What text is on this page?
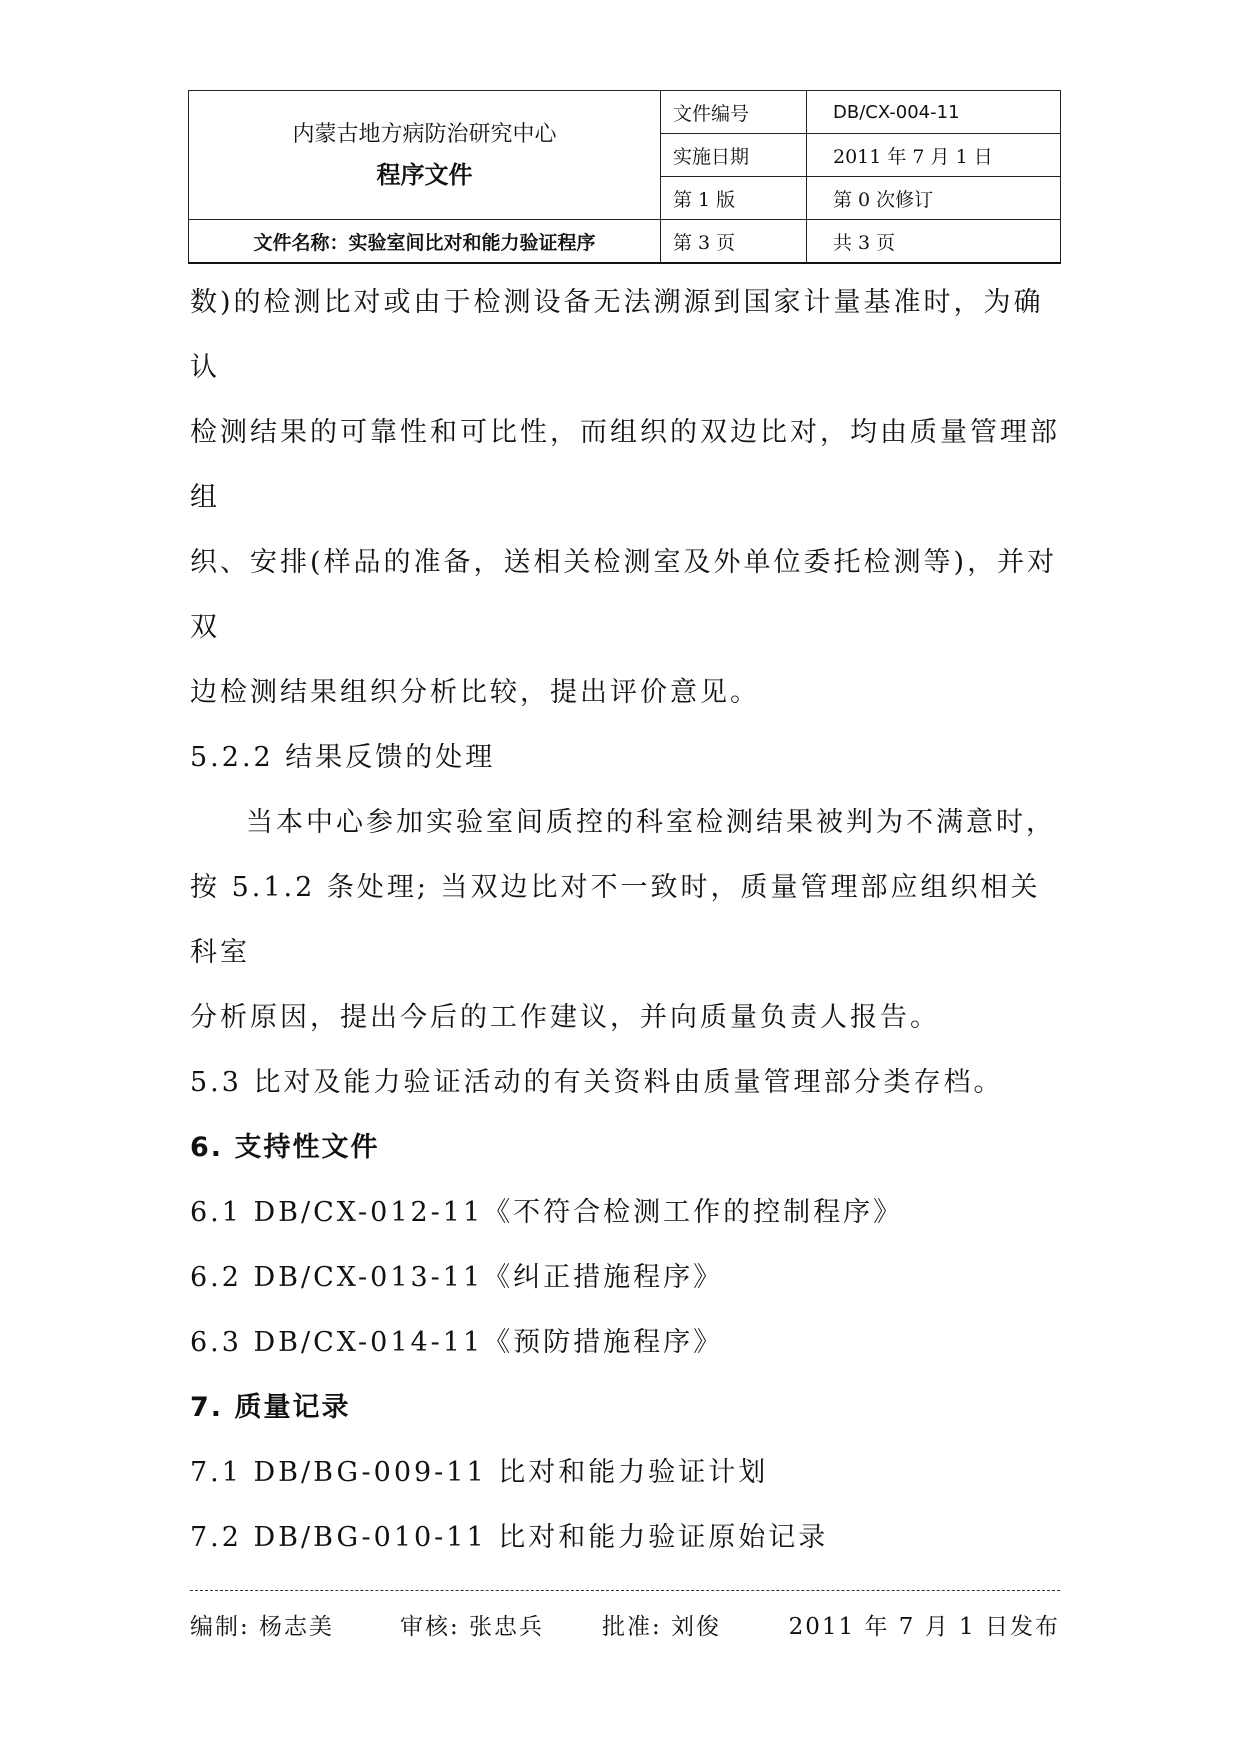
内蒙古地方病防治研究中心
程序文件	文件编号	DB/CX-004-11
	实施日期	2011 年 7 月 1 日
	第 1 版	第 0 次修订
文件名称：实验室间比对和能力验证程序	第 3 页	共 3 页

数)的检测比对或由于检测设备无法溯源到国家计量基准时，为确认

检测结果的可靠性和可比性，而组织的双边比对，均由质量管理部组

织、安排(样品的准备，送相关检测室及外单位委托检测等)，并对双

边检测结果组织分析比较，提出评价意见。

5.2.2 结果反馈的处理

当本中心参加实验室间质控的科室检测结果被判为不满意时，

按 5.1.2 条处理; 当双边比对不一致时，质量管理部应组织相关科室

分析原因，提出今后的工作建议，并向质量负责人报告。

5.3 比对及能力验证活动的有关资料由质量管理部分类存档。

6. 支持性文件

6.1 DB/CX-012-11《不符合检测工作的控制程序》

6.2 DB/CX-013-11《纠正措施程序》

6.3 DB/CX-014-11《预防措施程序》

7. 质量记录

7.1 DB/BG-009-11 比对和能力验证计划

7.2 DB/BG-010-11 比对和能力验证原始记录

编制: 杨志美	审核: 张忠兵	批准: 刘俊	2011 年 7 月 1 日发布
